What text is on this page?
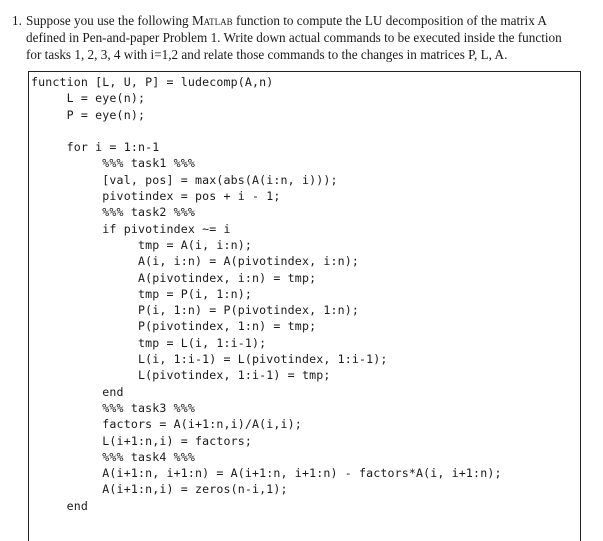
1. Suppose you use the following Matlab function to compute the LU decomposition of the matrix A
defined in Pen-and-paper Problem 1. Write down actual commands to be executed inside the function
for tasks 1, 2, 3, 4 with i=1,2 and relate those commands to the changes in matrices P, L, A.
function [L, U, P] = ludecomp(A,n)
L = eye(n);
P = eye(n);
for i = 1:n-1
%%% task1 %%%
[val, pos] = max(abs(A(i:n, i)));
pivotindex = pos + i - 1;
%%% task2 %%%
if pivotindex ~= i
tmp = A(i, i:n);
A(i, i:n) = A(pivotindex, i:n);
A(pivotindex, i:n) = tmp;
tmp = P(i, 1:n);
P(i, 1:n) = P(pivotindex, 1:n);
P(pivotindex, 1:n) = tmp;
tmp = L(i, 1:i-1);
L(i, 1:i-1) = L(pivotindex, 1:i-1);
L(pivotindex, 1:i-1) = tmp;
end
%%% task3 %%%
factors = A(i+1:n,i)/A(i,i);
L(i+1:n,i) = factors;
%%% task4 %%%
A(i+1:n, i+1:n) = A(i+1:n, i+1:n) - factors*A(i, i+1:n);
A(i+1:n,i) = zeros(n-i,1);
end
